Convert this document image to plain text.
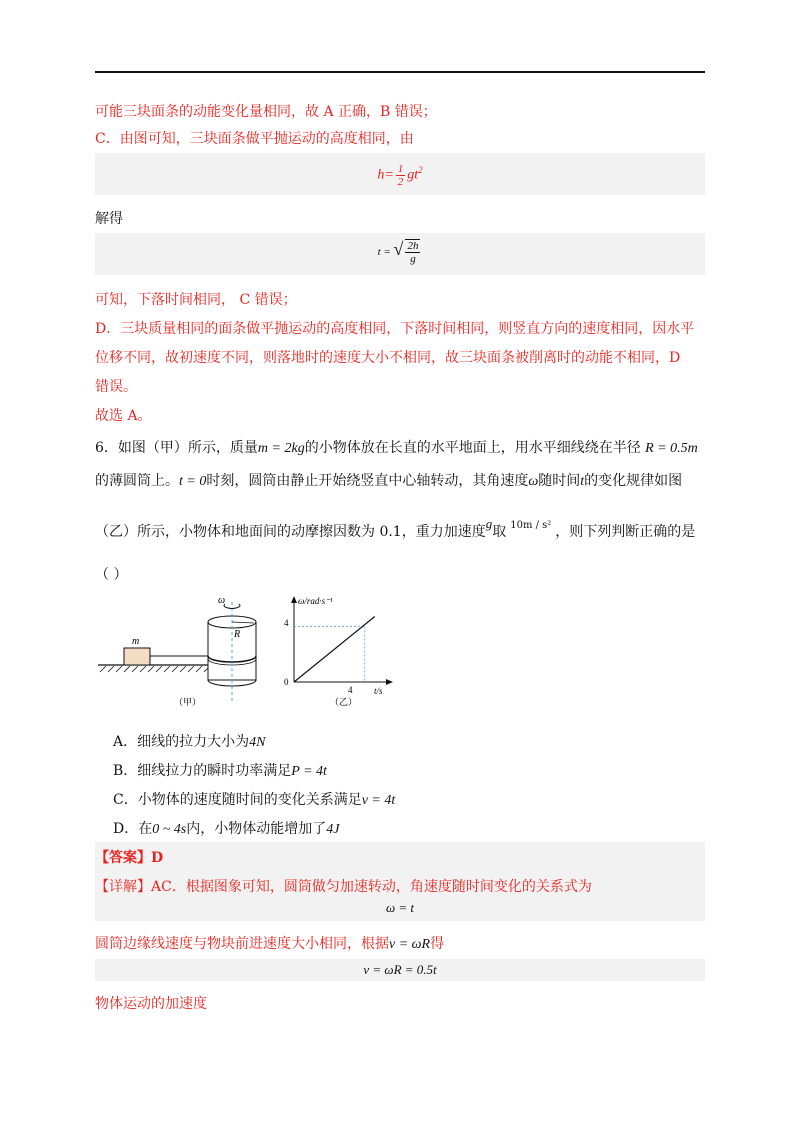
可能三块面条的动能变化量相同，故 A 正确，B 错误；
C．由图可知，三块面条做平抛运动的高度相同，由
$h= \frac{1}{2} gt^2$
解得
t = √ $\frac{2h}{g}$
可知，下落时间相同， C 错误；
D．三块质量相同的面条做平抛运动的高度相同，下落时间相同，则竖直方向的速度相同，因水平
位移不同，故初速度不同，则落地时的速度大小不相同，故三块面条被削离时的动能不相同，D
错误。
故选 A。
6．如图（甲）所示，质量m = 2kg的小物体放在长直的水平地面上，用水平细线绕在半径 R = 0.5m
的薄圆筒上。t = 0时刻，圆筒由静止开始绕竖直中心轴转动，其角速度ω随时间t的变化规律如图
（乙）所示，小物体和地面间的动摩擦因数为 0.1，重力加速度g取 $^{10m / s^2}$ ，则下列判断正确的是
（ ）
m
ω
R
（甲）
ω/rad·s⁻¹
t/s
0
4
4
（乙）
A．细线的拉力大小为4N
B．细线拉力的瞬时功率满足P = 4t
C．小物体的速度随时间的变化关系满足v = 4t
D．在0 ~ 4s内，小物体动能增加了4J
【答案】D
【详解】AC．根据图象可知，圆筒做匀加速转动，角速度随时间变化的关系式为
ω = t
圆筒边缘线速度与物块前进速度大小相同，根据v = ωR得
v = ωR = 0.5t
物体运动的加速度
